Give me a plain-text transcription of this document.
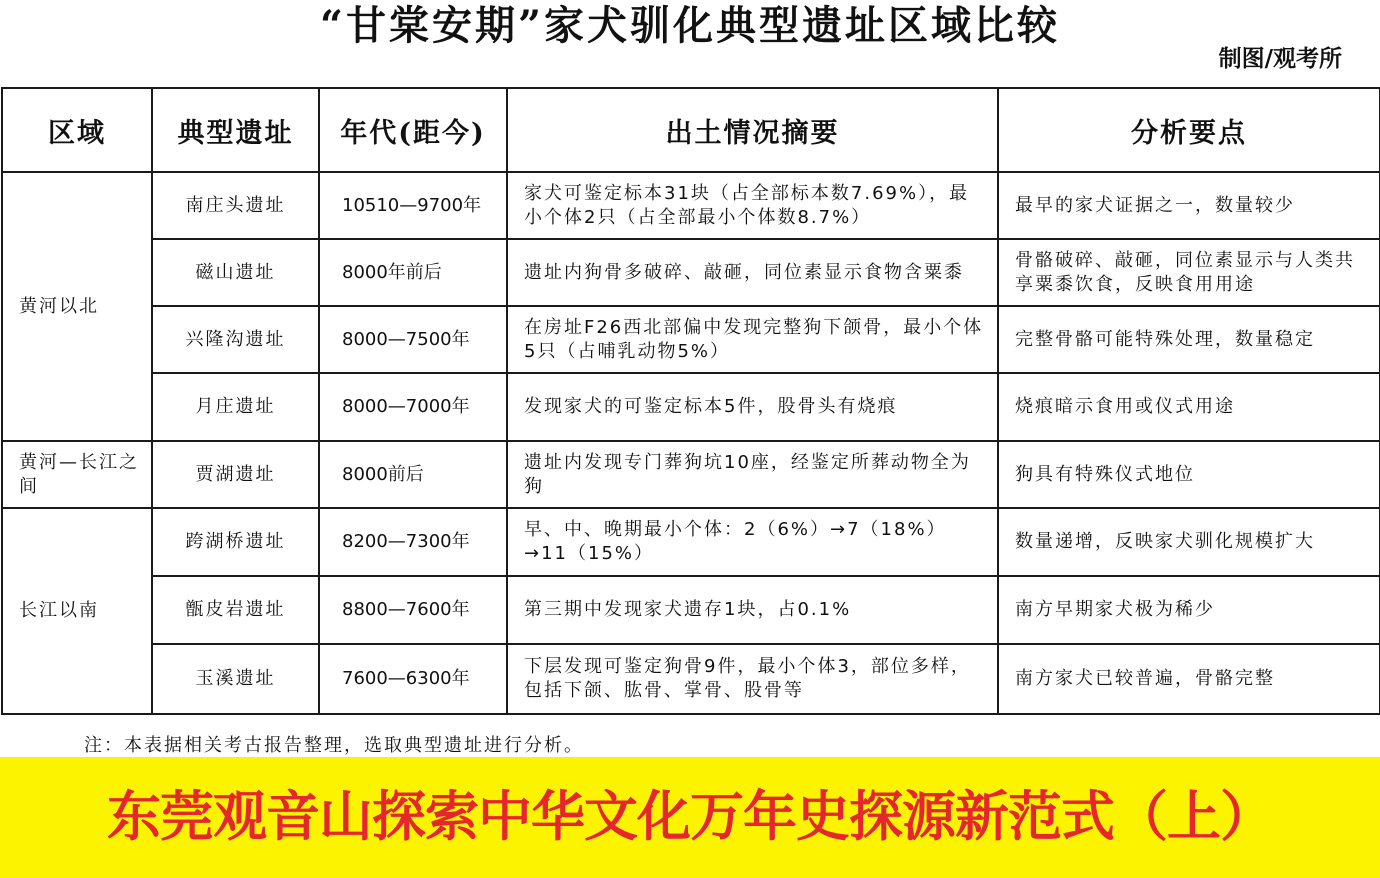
“甘棠安期”家犬驯化典型遗址区域比较
制图/观考所
区域	典型遗址	年代(距今)	出土情况摘要	分析要点
黄河以北	南庄头遗址	10510—9700年	家犬可鉴定标本31块（占全部标本数7.69%），最小个体2只（占全部最小个体数8.7%）	最早的家犬证据之一，数量较少
	磁山遗址	8000年前后	遗址内狗骨多破碎、敲砸，同位素显示食物含粟黍	骨骼破碎、敲砸，同位素显示与人类共享粟黍饮食，反映食用用途
	兴隆沟遗址	8000—7500年	在房址F26西北部偏中发现完整狗下颌骨，最小个体5只（占哺乳动物5%）	完整骨骼可能特殊处理，数量稳定
	月庄遗址	8000—7000年	发现家犬的可鉴定标本5件，股骨头有烧痕	烧痕暗示食用或仪式用途
黄河—长江之间	贾湖遗址	8000前后	遗址内发现专门葬狗坑10座，经鉴定所葬动物全为狗	狗具有特殊仪式地位
长江以南	跨湖桥遗址	8200—7300年	早、中、晚期最小个体：2（6%）→7（18%）→11（15%）	数量递增，反映家犬驯化规模扩大
	甑皮岩遗址	8800—7600年	第三期中发现家犬遗存1块，占0.1%	南方早期家犬极为稀少
	玉溪遗址	7600—6300年	下层发现可鉴定狗骨9件，最小个体3，部位多样，包括下颌、肱骨、掌骨、股骨等	南方家犬已较普遍，骨骼完整
注：本表据相关考古报告整理，选取典型遗址进行分析。
东莞观音山探索中华文化万年史探源新范式（上）
